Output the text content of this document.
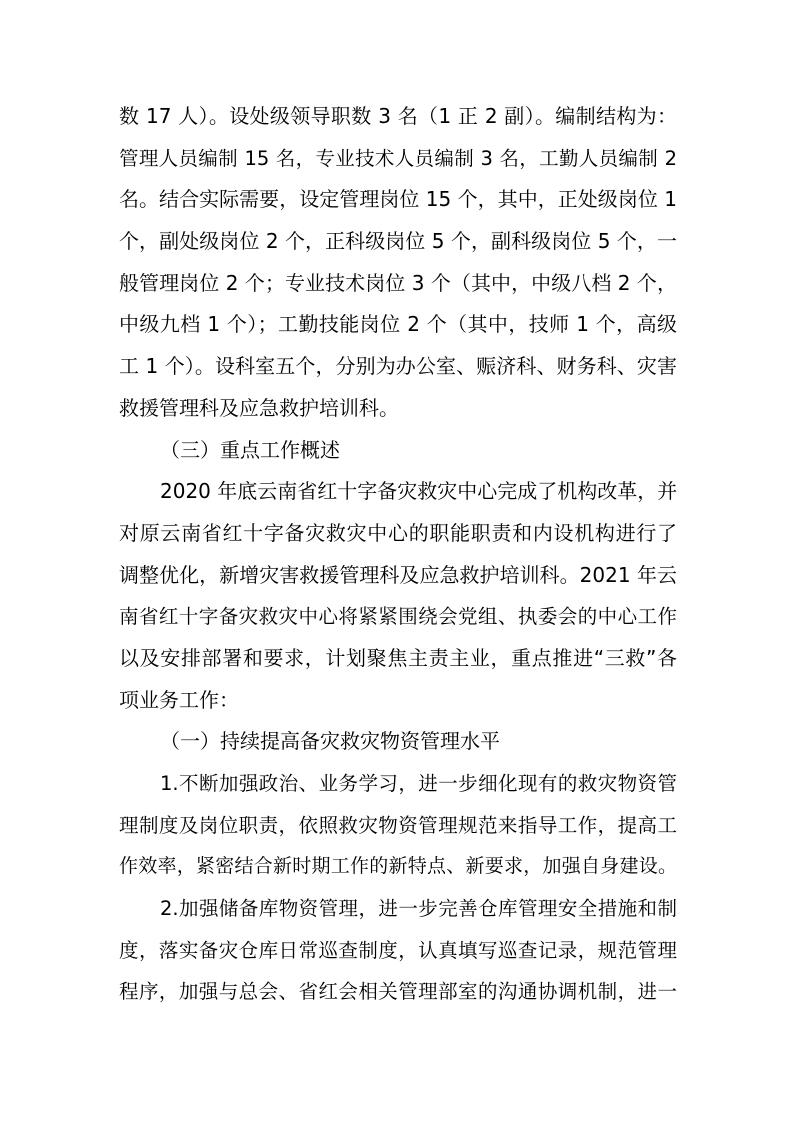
数 17 人）。设处级领导职数 3 名（1 正 2 副）。编制结构为：
管理人员编制 15 名，专业技术人员编制 3 名，工勤人员编制 2
名。结合实际需要，设定管理岗位 15 个，其中，正处级岗位 1
个，副处级岗位 2 个，正科级岗位 5 个，副科级岗位 5 个，一
般管理岗位 2 个；专业技术岗位 3 个（其中，中级八档 2 个，
中级九档 1 个）；工勤技能岗位 2 个（其中，技师 1 个，高级
工 1 个）。设科室五个，分别为办公室、赈济科、财务科、灾害
救援管理科及应急救护培训科。
（三）重点工作概述
2020 年底云南省红十字备灾救灾中心完成了机构改革，并
对原云南省红十字备灾救灾中心的职能职责和内设机构进行了
调整优化，新增灾害救援管理科及应急救护培训科。2021 年云
南省红十字备灾救灾中心将紧紧围绕会党组、执委会的中心工作
以及安排部署和要求，计划聚焦主责主业，重点推进“三救”各
项业务工作：
（一）持续提高备灾救灾物资管理水平
1.不断加强政治、业务学习，进一步细化现有的救灾物资管
理制度及岗位职责，依照救灾物资管理规范来指导工作，提高工
作效率，紧密结合新时期工作的新特点、新要求，加强自身建设。
2.加强储备库物资管理，进一步完善仓库管理安全措施和制
度，落实备灾仓库日常巡查制度，认真填写巡查记录，规范管理
程序，加强与总会、省红会相关管理部室的沟通协调机制，进一
